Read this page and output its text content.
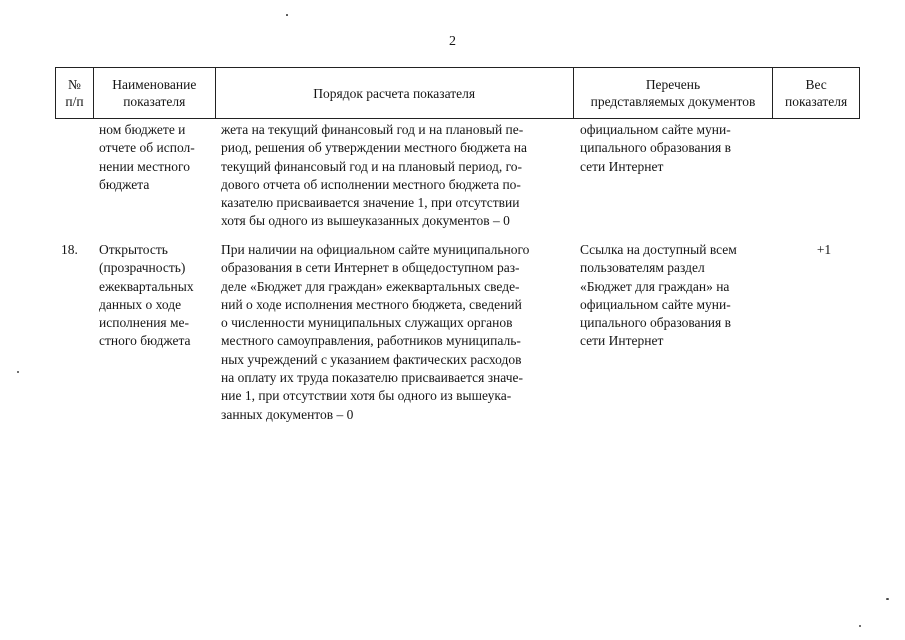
2
№
п/п
Наименование
показателя
Порядок расчета показателя
Перечень
представляемых документов
Вес
показателя
ном бюджете и
отчете об испол-
нении местного
бюджета
жета на текущий финансовый год и на плановый пе-
риод, решения об утверждении местного бюджета на
текущий финансовый год и на плановый период, го-
дового отчета об исполнении местного бюджета по-
казателю присваивается значение 1, при отсутствии
хотя бы одного из вышеуказанных документов – 0
официальном сайте муни-
ципального образования в
сети Интернет
18.	Открытость
(прозрачность)
ежеквартальных
данных о ходе
исполнения ме-
стного бюджета
При наличии на официальном сайте муниципального
образования в сети Интернет в общедоступном раз-
деле «Бюджет для граждан» ежеквартальных сведе-
ний о ходе исполнения местного бюджета, сведений
о численности муниципальных служащих органов
местного самоуправления, работников муниципаль-
ных учреждений с указанием фактических расходов
на оплату их труда показателю присваивается значе-
ние 1, при отсутствии хотя бы одного из вышеука-
занных документов – 0
Ссылка на доступный всем
пользователям раздел
«Бюджет для граждан» на
официальном сайте муни-
ципального образования в
сети Интернет
+1
